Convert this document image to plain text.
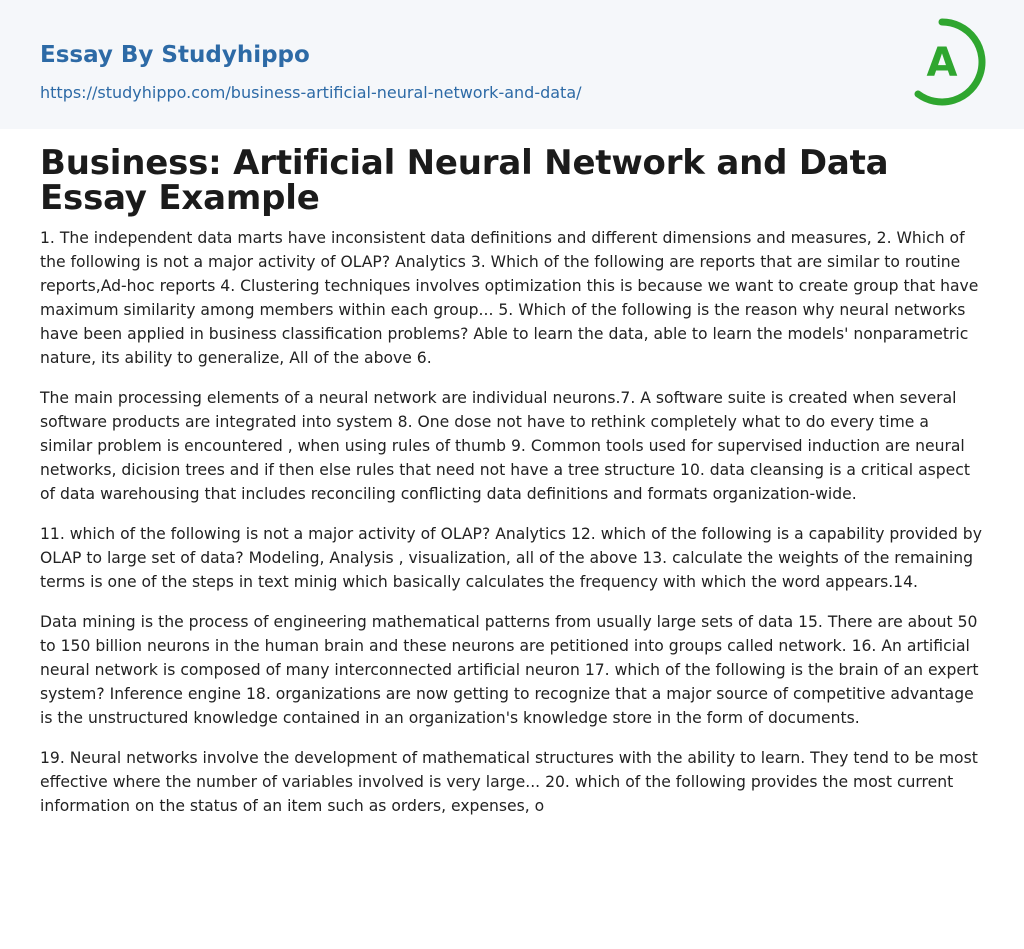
Essay By Studyhippo

https://studyhippo.com/business-artificial-neural-network-and-data/
A
Business: Artificial Neural Network and Data Essay Example

1. The independent data marts have inconsistent data definitions and different dimensions and measures, 2. Which of the following is not a major activity of OLAP? Analytics 3. Which of the following are reports that are similar to routine reports,Ad-hoc reports 4. Clustering techniques involves optimization this is because we want to create group that have maximum similarity among members within each group... 5. Which of the following is the reason why neural networks have been applied in business classification problems? Able to learn the data, able to learn the models' nonparametric nature, its ability to generalize, All of the above 6.

The main processing elements of a neural network are individual neurons.7. A software suite is created when several software products are integrated into system 8. One dose not have to rethink completely what to do every time a similar problem is encountered , when using rules of thumb 9. Common tools used for supervised induction are neural networks, dicision trees and if then else rules that need not have a tree structure 10. data cleansing is a critical aspect of data warehousing that includes reconciling conflicting data definitions and formats organization-wide.

11. which of the following is not a major activity of OLAP? Analytics 12. which of the following is a capability provided by OLAP to large set of data? Modeling, Analysis , visualization, all of the above 13. calculate the weights of the remaining terms is one of the steps in text minig which basically calculates the frequency with which the word appears.14.

Data mining is the process of engineering mathematical patterns from usually large sets of data 15. There are about 50 to 150 billion neurons in the human brain and these neurons are petitioned into groups called network. 16. An artificial neural network is composed of many interconnected artificial neuron 17. which of the following is the brain of an expert system? Inference engine 18. organizations are now getting to recognize that a major source of competitive advantage is the unstructured knowledge contained in an organization's knowledge store in the form of documents.

19. Neural networks involve the development of mathematical structures with the ability to learn. They tend to be most effective where the number of variables involved is very large... 20. which of the following provides the most current information on the status of an item such as orders, expenses, o
